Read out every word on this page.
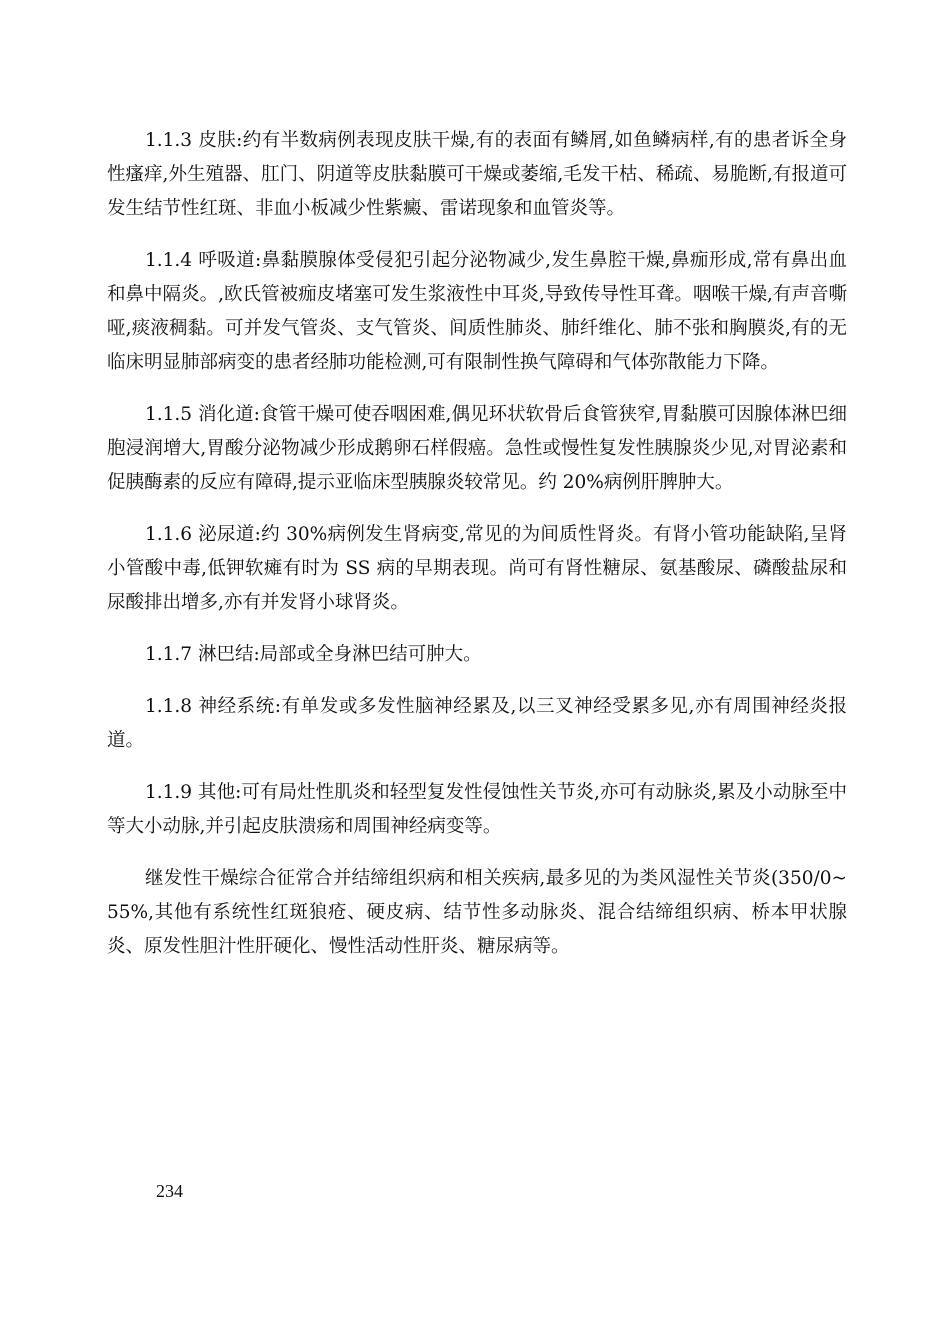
1.1.3 皮肤:约有半数病例表现皮肤干燥,有的表面有鳞屑,如鱼鳞病样,有的患者诉全身性瘙痒,外生殖器、肛门、阴道等皮肤黏膜可干燥或萎缩,毛发干枯、稀疏、易脆断,有报道可发生结节性红斑、非血小板减少性紫癜、雷诺现象和血管炎等。

1.1.4 呼吸道:鼻黏膜腺体受侵犯引起分泌物减少,发生鼻腔干燥,鼻痂形成,常有鼻出血和鼻中隔炎。,欧氏管被痂皮堵塞可发生浆液性中耳炎,导致传导性耳聋。咽喉干燥,有声音嘶哑,痰液稠黏。可并发气管炎、支气管炎、间质性肺炎、肺纤维化、肺不张和胸膜炎,有的无临床明显肺部病变的患者经肺功能检测,可有限制性换气障碍和气体弥散能力下降。

1.1.5 消化道:食管干燥可使吞咽困难,偶见环状软骨后食管狭窄,胃黏膜可因腺体淋巴细胞浸润增大,胃酸分泌物减少形成鹅卵石样假癌。急性或慢性复发性胰腺炎少见,对胃泌素和促胰酶素的反应有障碍,提示亚临床型胰腺炎较常见。约 20%病例肝脾肿大。

1.1.6 泌尿道:约 30%病例发生肾病变,常见的为间质性肾炎。有肾小管功能缺陷,呈肾小管酸中毒,低钾软瘫有时为 SS 病的早期表现。尚可有肾性糖尿、氨基酸尿、磷酸盐尿和尿酸排出增多,亦有并发肾小球肾炎。

1.1.7 淋巴结:局部或全身淋巴结可肿大。

1.1.8 神经系统:有单发或多发性脑神经累及,以三叉神经受累多见,亦有周围神经炎报道。

1.1.9 其他:可有局灶性肌炎和轻型复发性侵蚀性关节炎,亦可有动脉炎,累及小动脉至中等大小动脉,并引起皮肤溃疡和周围神经病变等。

继发性干燥综合征常合并结缔组织病和相关疾病,最多见的为类风湿性关节炎(350/0~55%,其他有系统性红斑狼疮、硬皮病、结节性多动脉炎、混合结缔组织病、桥本甲状腺炎、原发性胆汁性肝硬化、慢性活动性肝炎、糖尿病等。

234
